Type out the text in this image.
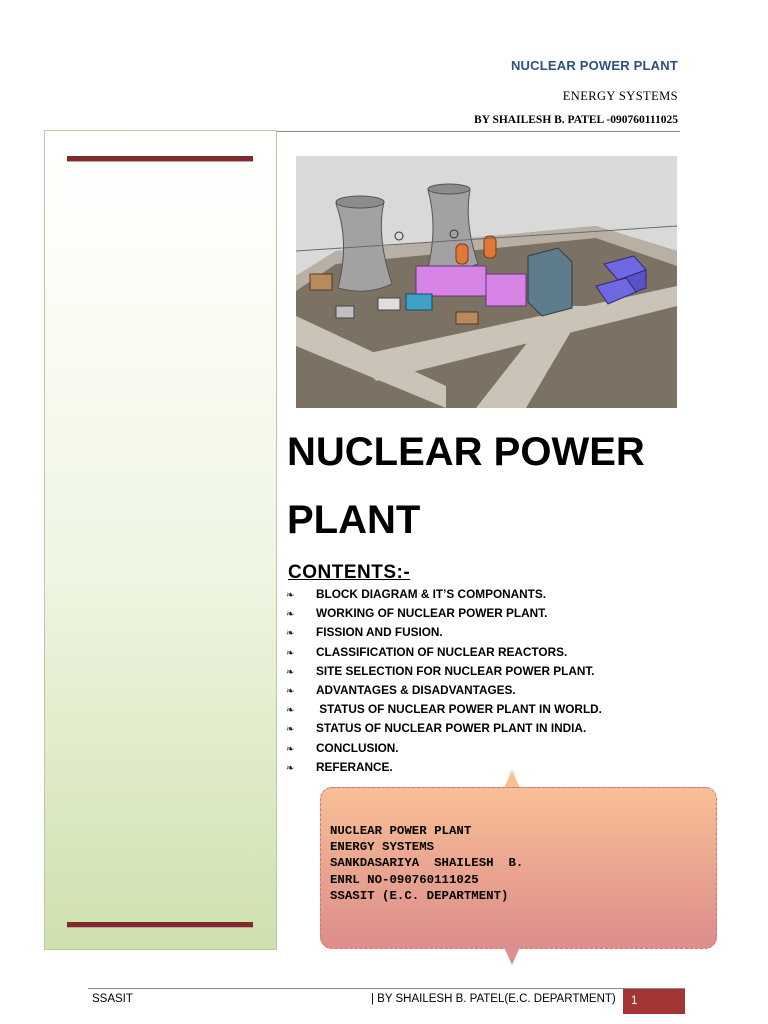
NUCLEAR POWER PLANT
ENERGY SYSTEMS
BY SHAILESH B. PATEL -090760111025
NUCLEAR POWER
PLANT
CONTENTS:-
❧ BLOCK DIAGRAM & IT’S COMPONANTS.
❧ WORKING OF NUCLEAR POWER PLANT.
❧ FISSION AND FUSION.
❧ CLASSIFICATION OF NUCLEAR REACTORS.
❧ SITE SELECTION FOR NUCLEAR POWER PLANT.
❧ ADVANTAGES & DISADVANTAGES.
❧ STATUS OF NUCLEAR POWER PLANT IN WORLD.
❧ STATUS OF NUCLEAR POWER PLANT IN INDIA.
❧ CONCLUSION.
❧ REFERANCE.
NUCLEAR POWER PLANT
ENERGY SYSTEMS
SANKDASARIYA  SHAILESH  B.
ENRL NO-090760111025
SSASIT (E.C. DEPARTMENT)
SSASIT	| BY SHAILESH B. PATEL(E.C. DEPARTMENT)	1
